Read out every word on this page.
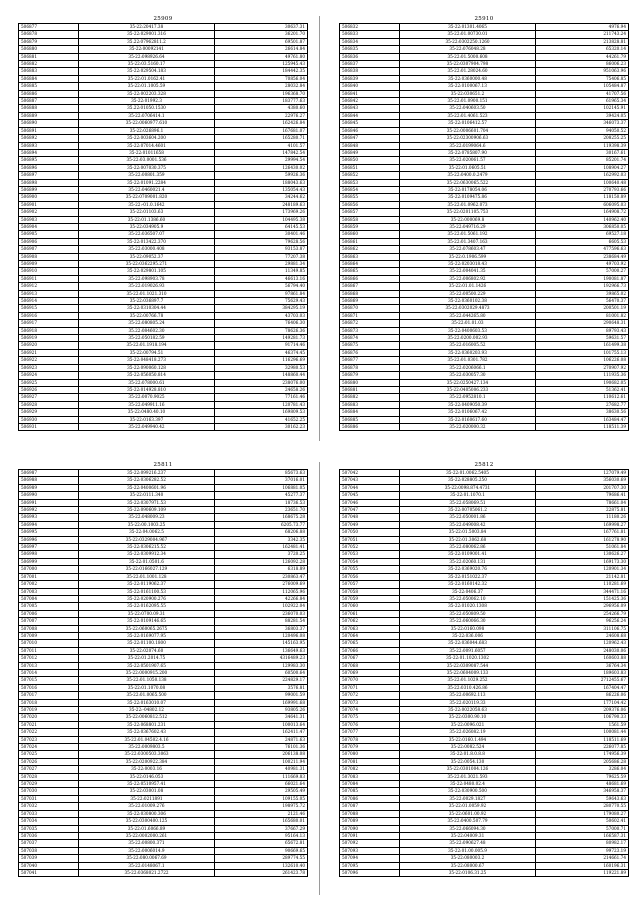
25909
506877	35-22:20417.38	30637.31
506878	35-22:029001.316	36201.70
506879	35.22:07962811.2	69501.87
506880	35-22:00092141	26614.84
506881	35-22:098926.64	49761.80
506882	35-22:03.5160.17	125945.43
506883	35-22:029504.183	184442.35
506884	35-22:01.0162.41	70856.04
506885	35-22:01.1005.59	28032.84
506886	35-22:002203.328	196368.70
506887	35-22:01992.3	183777.63
506888	35.22:01050.1530	4380.60
506889	35-22:0706414.1	22976.27
506890	35-22:0060977.610	162426.84
506891	35-22:026896.1	167681.07
506892	35-22:003604.200	165280.71
506893	35-22:07014.4601	4101.57
506894	35-22:01011658	147842.54
506895	35-22:03.0001.536	29994.54
506896	35-22:007030.375	126430.02
506897	35-22:00801.359	59926.36
506898	35-22:01091.2284	188043.63
506899	35-22:0460021.4	135054.43
506900	35-22:0709001.820	34244.62
506901	35-22:-01.0.1642	248189.63
506902	35-22:01103.63	173969.26
506903	35-22:01.1386.60	104495.38
506904	35-22:034905.9	64145.53
506905	35-22:036507.07	30401.46
506906	35-22:013422.370	79628.56
506907	35-22:03000.408	93153.87
506908	35-22:09052.37	77207.38
506909	35-22:0362295.271	29881.34
506910	35-22:029801.105	11349.85
506911	35-22:098903.78	46613.16
506912	35-22:019026.93	56794.40
506913	35-22:01.1021.310	97861.84
506914	35-22:036897.7	75629.43
506915	35-22:0310304.44	384295.19
506916	35-22:00766.78	43703.03
506917	35-22:080805.24	76406.30
506918	35.22:084602.30	78626.36
506919	35-22:050182.59	149281.73
506920	35-22:01.1918.194	91714.46
506921	35-22:00794.51	46374.45
506922	35-22:048418.273	116296.69
506923	35-22:090060.128	32980.53
506924	35-22:056050.814	148860.44
506925	35-22:078000.61	238076.00
506926	35-22:014928.810	24658.26
506927	35-22:0070.9025	77161.46
506928	35-22:049911.16	120781.43
506929	35-22:0480.40.10	169809.53
506930	35-22:0163.397	41652.25
506931	35-22:049940.42	30162.23
25910
506832	35-22:01301.4065	4976.94
506833	35-22:01.00730.01	211743.24
506834	35-22:0302250.1260	213828.81
506835	35-22:076048.28	65320.14
506836	35-22:01.5000.608	44261.79
506837	35-22:0307904.798	86006.23
506838	35-22:01.28024.60	951063.96
506839	35-22:0360000.48	75406.85
506840	35-22:0100067.13	105484.87
506841	35-22:030651.2	41707.56
506842	35-22:01.0900.151	61965.34
506843	35-22:040603.50	102145.91
506844	35-22:01.4061.523	39424.05
506845	35-22:0106412.57	346073.37
506846	35-22:0006601.704	94050.52
506847	35-22:02300906.63	208255.25
506848	35-22:0199064.6	119398.39
506849	35-22:0785807.90	30167.61
506850	35-22:020061.57	85201.74
506851	35-22:01.0605.51	108904.27
506852	35-22:0400.0.2479	162992.03
506853	35-22:0630065.522	100640.48
506854	35-22:0178054.06	270793.66
506855	35-22:0109475.86	118150.89
506856	35-22:01.0962.073	606095.03
506857	35-22:0201105.753	164908.72
506858	35-22:000069.8	140962.40
506859	35-22:049716.29	306850.05
506860	35-22:01.5061.192	69527.18
506861	35-22:01.3407.163	6605.53
506862	35-22:078603.47	477596.63
506863	35-22:0.1906.599	238684.49
506864	35-22:0203018.43	49703.92
506865	35-22:004041.35	57000.27
506866	35-22:006802.92	190081.87
506867	35-22:01.01.1426	192966.73
506868	35-22:00500.229	39865.02
506869	35-22:0360102.38	56470.37
506870	35-22:0302029.4873	200501.19
506871	35-22:044265.80	81001.82
506872	35-22:01.01.03	290648.31
506873	35-22:0400603.53	89793.43
506874	35-22:0200.002.93	59631.57
506875	35-22:016005.52	161499.38
506876	35-22:0360203.93	101755.13
506877	35-22:01.0301.782	106226.08
506878	35-22:0206066.1	270907.92
506879	35-22:030057.30	111935.36
506880	35-22:0250427.134	190682.05
506881	35-22:0405006.233	51362.41
506882	35-22:0952810.1	110612.61
506883	35-22:0409050.39	27682.77
506884	35-22:0106067.42	38630.56
506885	35-22:0160617.60	163484.47
506886	35-22:020000.32	118511.39
25811
506987	35-22:099216.237	85673.63
506988	35-22:0306282.52	37016.01
506989	35-22:0400601.96	106881.05
506990	35-22:0111.340	45277.37
506991	35-22:0307971.53	18736.53
506992	35-22:090609.109	23651.70
506993	35-22:048009.23	168675.28
506994	35-22:00.1003.25	6205.73.77
506995	35-22:04.0062.5	68206.88
506996	35-22:0329004.967	3342.35
506997	35-22:0306215.52	162481.41
506998	35-22:0309912.34	3720.25
506999	35-22:01.0501.6	126092.28
507000	35-22:0166027.129	6318.89
507001	35-22:01.1001.128	230863.47
507002	35-22:0119062.37	276009.69
507003	35-22:0161100.53	112065.96
507004	35-22:020900.276	42266.84
507005	35-22:0162095.55	102922.04
507006	35-22:0700.09.31	236070.03
507007	35-22:0109146.65	88281.54
507008	35-22:060065.2675	36803.37
507009	35-22:0169077.95	120496.08
507010	35-22:01100.1800	145163.95
507011	35-22:02074.60	136649.63
507012	35-22:01.2014.75	4316489.23
507013	35-22:0501907.65	129983.30
507014	35-22:0000915.200	60500.64
507015	35-22:01.1050.138	224829.17
507016	35-22:01.1070.08	3576.81
507017	35-22:01.0065.500	99001.59
507018	35-22:0163010.07	169991.68
507019	35-22:-04802.12	93805.26
507020	35-22:0060812.512	34641.31
507021	35-22:068801.231	100013.64
507022	35-22:0367602.43	162411.47
507023	35-22:01.04502.4.16	24871.63
507024	35-22:0009803.5	76101.36
507025	35-22:0300503.3063	206138.08
507026	35-22:0200922.384	100211.94
507027	35-22:0003.16	40981.31
507028	35-22:0146.053	111669.83
507029	35-22:0510957.41	66021.64
507030	35-22:03001.08	29505.49
507031	35-22:0211891	109155.05
507032	35-22:01009.276	198975.72
507033	35-22:030800.306	2121.46
507034	35-22:0300400.125	165680.01
507035	35-22:01.6066.89	37667.29
507036	35-22:0002000.261	95164.13
507037	35-22:00800.371	65672.81
507038	35-22:0006014.9	90669.65
507039	35-22:080.0067.69	289774.55
507040	35-22:0148067.1	132610.40
507041	35-22:0368021.2722	261423.78
25812
507042	35-22:01.0062.5405	127079.49
507043	35-22:028805.250	356030.69
507044	35-22:0098.874.4731	201707.30
507045	35-22:01.1070.1	79686.41
507046	35-22:058069.51	78661.04
507047	35-22:00705061.2	22875.81
507048	35-22:050001.86	11180.26
507049	35-22:049008.42	169998.27
507050	35-22:01.5003.84	167761.81
507051	35-22:01.3062.68	161278.90
507052	35-22:080062.86	51061.84
507053	35-22:0109001.41	130626.27
507054	35-22:02060.131	169173.30
507055	35-22:0369020.76	120901.34
507056	35-22:0151022.37	21142.81
507057	35-22:0160142.32	110281.69
507058	35-22:0406.37	344471.16
507059	35-22:050062.10	151425.36
507060	35-22:01020.1308	296956.09
507061	35-22:050809.50	254266.79
507062	35-22:060066.30	96256.24
507063	35-22:0160.098	311106.75
507064	35-22:036.006	24608.68
507065	35-22:036044.683	120962.43
507066	35-22:0091.6057	248030.06
507067	35-22:01.1020.1302	160603.88
507068	35-22:0309087.544	36764.34
507069	35-22:0604009.133	189603.83
507070	35-22:01.1029.252	2712455.67
507071	35-22:0310.426.86	167404.47
507072	35-22:00692.113	86226.06
507073	35-22:020119.33	177104.42
507074	35-22:0022058.63	209376.06
507075	35-22:0300.90.10	106790.33
507076	35-22:0096.021	1561.59
507077	35-22:026082.19	100081.44
507078	35-22:0160.1.494	118511.69
507079	35-22:0082.524	226077.85
507080	35-22:01.8.0.8.8	174956.39
507081	35-22:0054.130	205686.28
507082	35-22:0301004.126	3286.04
507083	35-22:01.3021.593	79625.59
507084	35-22:0480.02.4	48681.69
507085	35-22:030900.500	346958.37
507086	35-22:0029.1827	59643.63
507087	35-22:01.0059.92	280770.55
507088	35-22:0601.00.92	179080.27
507089	35-22:0400.507.79	50602.41
507090	35-22:066094.30	57000.71
507091	35-22:04009.31	166587.31
507092	35-22:090627.48	80982.17
507093	35-22:01.00.005.9	99723.19
507094	35-22:080003.2	214661.74
507095	35-22:08000.67	160196.31
507096	35-22:0106.31.25	119221.89
